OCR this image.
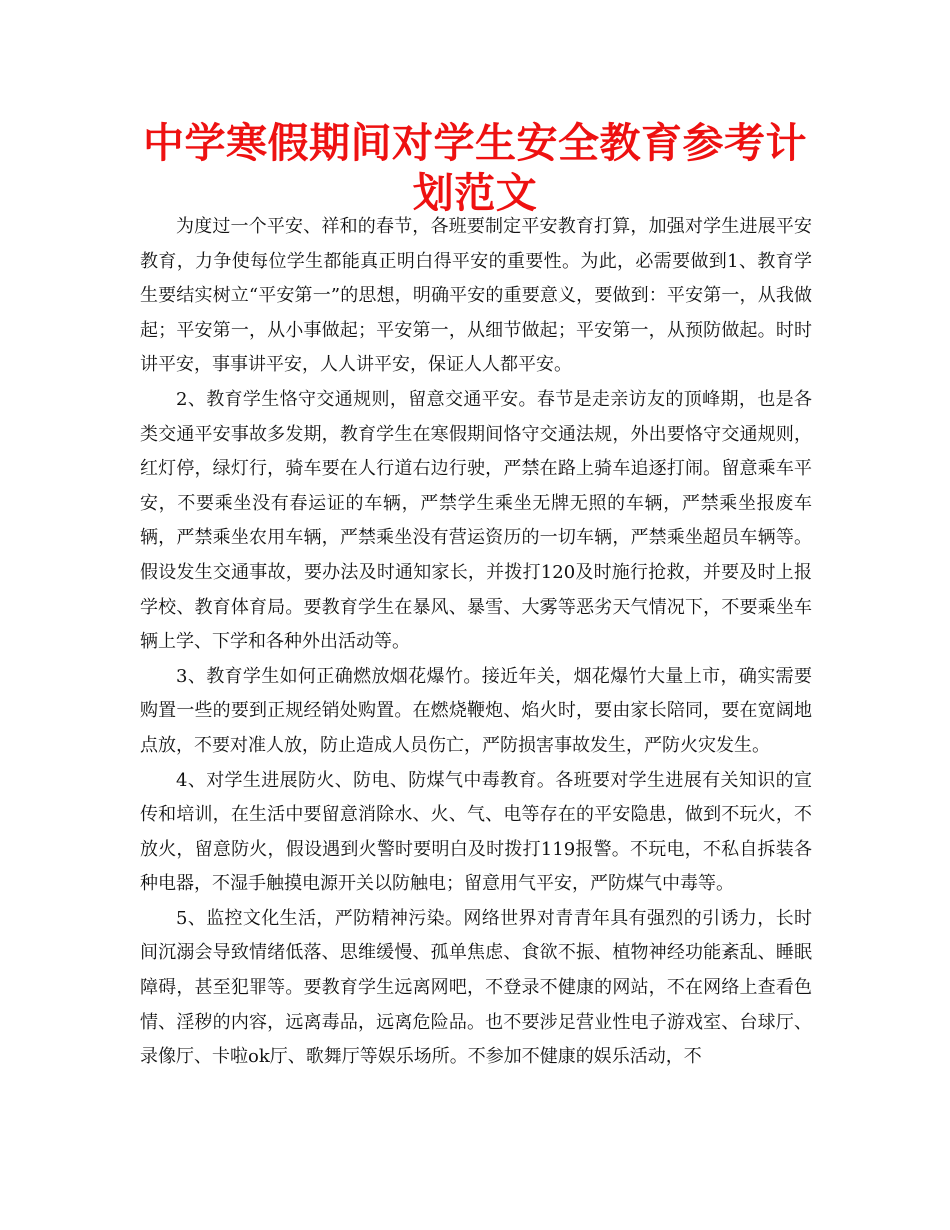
中学寒假期间对学生安全教育参考计划范文

为度过一个平安、祥和的春节，各班要制定平安教育打算，加强对学生进展平安教育，力争使每位学生都能真正明白得平安的重要性。为此，必需要做到1、教育学生要结实树立“平安第一”的思想，明确平安的重要意义，要做到：平安第一，从我做起；平安第一，从小事做起；平安第一，从细节做起；平安第一，从预防做起。时时讲平安，事事讲平安，人人讲平安，保证人人都平安。

2、教育学生恪守交通规则，留意交通平安。春节是走亲访友的顶峰期，也是各类交通平安事故多发期，教育学生在寒假期间恪守交通法规，外出要恪守交通规则，红灯停，绿灯行，骑车要在人行道右边行驶，严禁在路上骑车追逐打闹。留意乘车平安，不要乘坐没有春运证的车辆，严禁学生乘坐无牌无照的车辆，严禁乘坐报废车辆，严禁乘坐农用车辆，严禁乘坐没有营运资历的一切车辆，严禁乘坐超员车辆等。假设发生交通事故，要办法及时通知家长，并拨打120及时施行抢救，并要及时上报学校、教育体育局。要教育学生在暴风、暴雪、大雾等恶劣天气情况下，不要乘坐车辆上学、下学和各种外出活动等。

3、教育学生如何正确燃放烟花爆竹。接近年关，烟花爆竹大量上市，确实需要购置一些的要到正规经销处购置。在燃烧鞭炮、焰火时，要由家长陪同，要在宽阔地点放，不要对准人放，防止造成人员伤亡，严防损害事故发生，严防火灾发生。

4、对学生进展防火、防电、防煤气中毒教育。各班要对学生进展有关知识的宣传和培训，在生活中要留意消除水、火、气、电等存在的平安隐患，做到不玩火，不放火，留意防火，假设遇到火警时要明白及时拨打119报警。不玩电，不私自拆装各种电器，不湿手触摸电源开关以防触电；留意用气平安，严防煤气中毒等。

5、监控文化生活，严防精神污染。网络世界对青青年具有强烈的引诱力，长时间沉溺会导致情绪低落、思维缓慢、孤单焦虑、食欲不振、植物神经功能紊乱、睡眠障碍，甚至犯罪等。要教育学生远离网吧，不登录不健康的网站，不在网络上查看色情、淫秽的内容，远离毒品，远离危险品。也不要涉足营业性电子游戏室、台球厅、录像厅、卡啦ok厅、歌舞厅等娱乐场所。不参加不健康的娱乐活动，不
